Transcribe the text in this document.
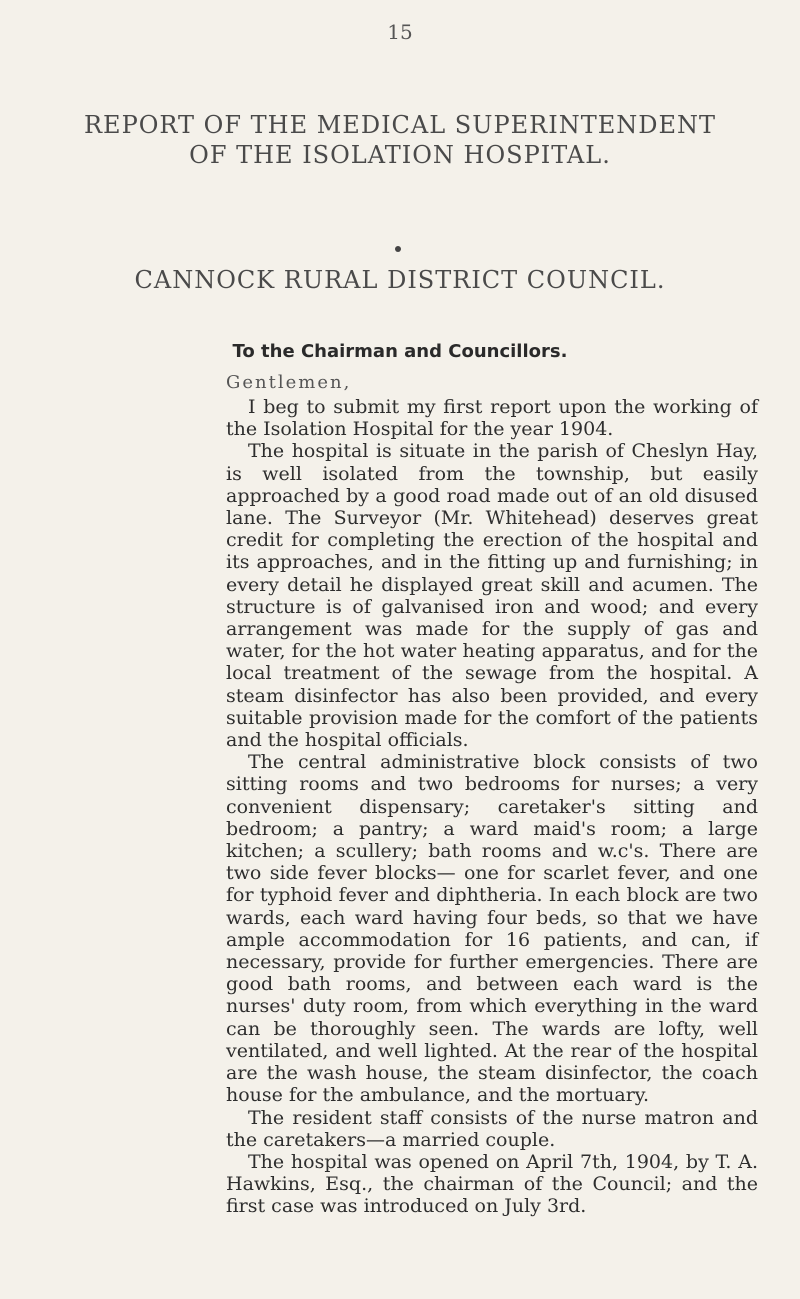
15
REPORT OF THE MEDICAL SUPERINTENDENT
OF THE ISOLATION HOSPITAL.
CANNOCK RURAL DISTRICT COUNCIL.
To the Chairman and Councillors.
Gentlemen,

I beg to submit my first report upon the working of the Isolation Hospital for the year 1904.

The hospital is situate in the parish of Cheslyn Hay, is well isolated from the township, but easily approached by a good road made out of an old disused lane. The Surveyor (Mr. Whitehead) deserves great credit for completing the erection of the hospital and its approaches, and in the fitting up and furnishing; in every detail he displayed great skill and acumen. The structure is of galvanised iron and wood; and every arrangement was made for the supply of gas and water, for the hot water heating apparatus, and for the local treatment of the sewage from the hospital. A steam disinfector has also been provided, and every suitable provision made for the comfort of the patients and the hospital officials.

The central administrative block consists of two sitting rooms and two bedrooms for nurses; a very convenient dispensary; caretaker's sitting and bedroom; a pantry; a ward maid's room; a large kitchen; a scullery; bath rooms and w.c's. There are two side fever blocks— one for scarlet fever, and one for typhoid fever and diphtheria. In each block are two wards, each ward having four beds, so that we have ample accommodation for 16 patients, and can, if necessary, provide for further emergencies. There are good bath rooms, and between each ward is the nurses' duty room, from which everything in the ward can be thoroughly seen. The wards are lofty, well ventilated, and well lighted. At the rear of the hospital are the wash house, the steam disinfector, the coach house for the ambulance, and the mortuary.

The resident staff consists of the nurse matron and the caretakers—a married couple.

The hospital was opened on April 7th, 1904, by T. A. Hawkins, Esq., the chairman of the Council; and the first case was introduced on July 3rd.
